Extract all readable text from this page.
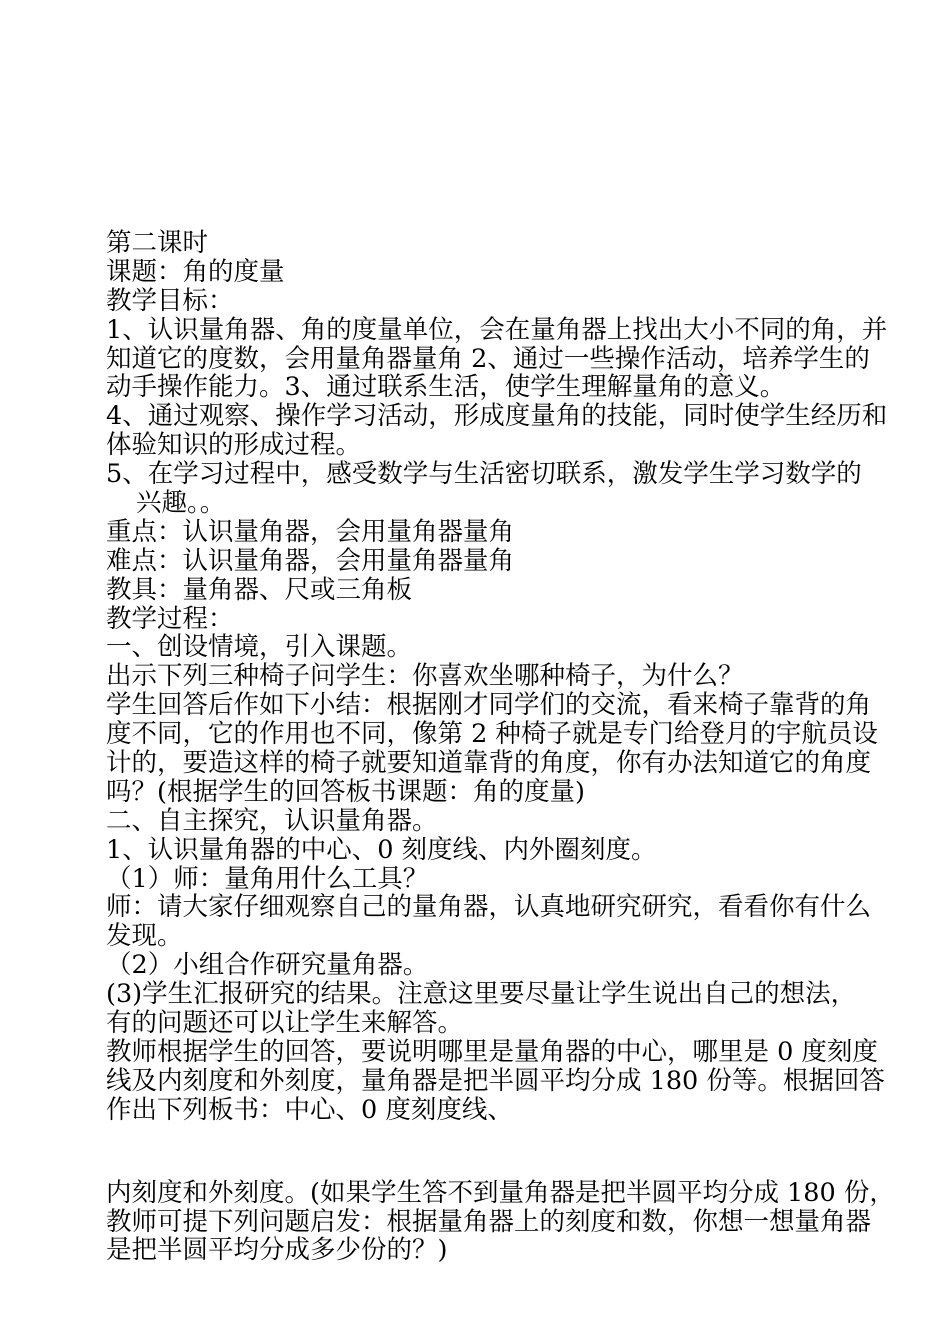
第二课时
课题：角的度量
教学目标：
1、认识量角器、角的度量单位，会在量角器上找出大小不同的角，并
知道它的度数，会用量角器量角 2、通过一些操作活动，培养学生的
动手操作能力。3、通过联系生活，使学生理解量角的意义。
4、通过观察、操作学习活动，形成度量角的技能，同时使学生经历和
体验知识的形成过程。
5、在学习过程中，感受数学与生活密切联系，激发学生学习数学的
兴趣。。
重点：认识量角器，会用量角器量角
难点：认识量角器，会用量角器量角
教具：量角器、尺或三角板
教学过程：
一、创设情境，引入课题。
出示下列三种椅子问学生：你喜欢坐哪种椅子，为什么？
学生回答后作如下小结：根据刚才同学们的交流，看来椅子靠背的角
度不同，它的作用也不同，像第 2 种椅子就是专门给登月的宇航员设
计的，要造这样的椅子就要知道靠背的角度，你有办法知道它的角度
吗？(根据学生的回答板书课题：角的度量)
二、自主探究，认识量角器。
1、认识量角器的中心、0 刻度线、内外圈刻度。
（1）师：量角用什么工具？
师：请大家仔细观察自己的量角器，认真地研究研究，看看你有什么
发现。
（2）小组合作研究量角器。
(3)学生汇报研究的结果。注意这里要尽量让学生说出自己的想法，
有的问题还可以让学生来解答。
教师根据学生的回答，要说明哪里是量角器的中心，哪里是 0 度刻度
线及内刻度和外刻度，量角器是把半圆平均分成 180 份等。根据回答
作出下列板书：中心、0 度刻度线、
内刻度和外刻度。(如果学生答不到量角器是把半圆平均分成 180 份，
教师可提下列问题启发：根据量角器上的刻度和数，你想一想量角器
是把半圆平均分成多少份的？)
